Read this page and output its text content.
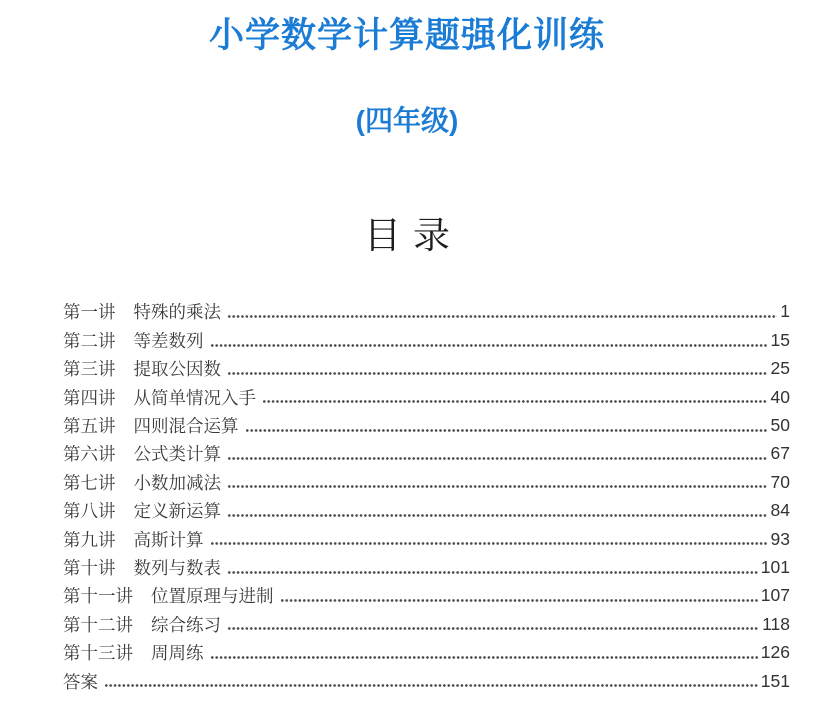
小学数学计算题强化训练
(四年级)
目录
第一讲 特殊的乘法	1
第二讲 等差数列	15
第三讲 提取公因数	25
第四讲 从简单情况入手	40
第五讲 四则混合运算	50
第六讲 公式类计算	67
第七讲 小数加减法	70
第八讲 定义新运算	84
第九讲 高斯计算	93
第十讲 数列与数表	101
第十一讲 位置原理与进制	107
第十二讲 综合练习	118
第十三讲 周周练	126
答案	151
